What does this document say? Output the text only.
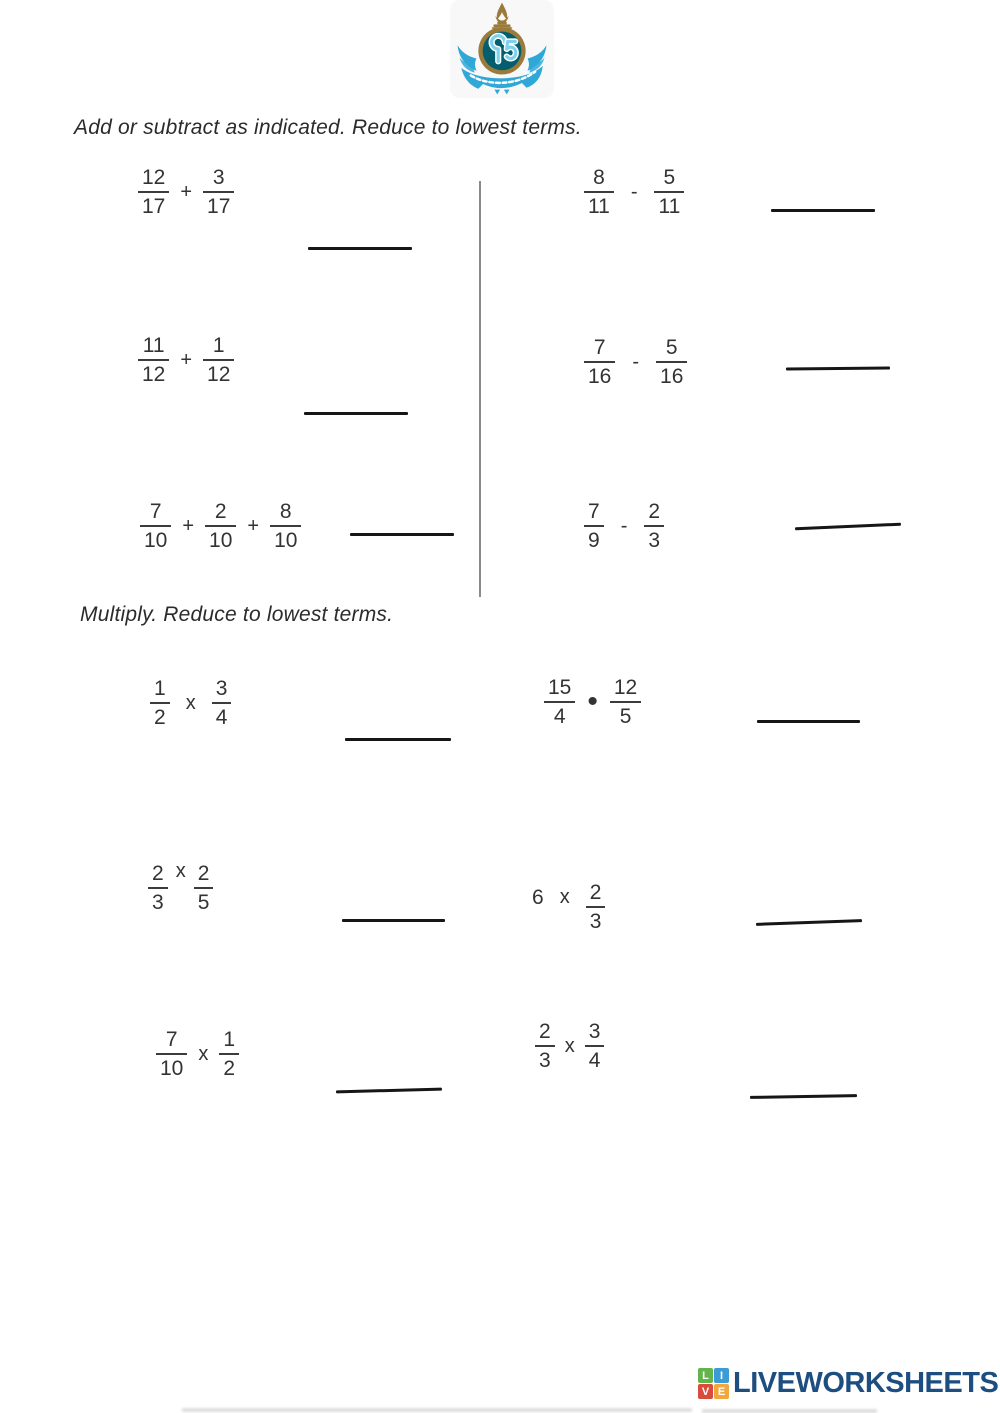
Add or subtract as indicated. Reduce to lowest terms.
Multiply. Reduce to lowest terms.
$\frac{12}{17} + \frac{3}{17}$	$\frac{8}{11} - \frac{5}{11}$
$\frac{11}{12} + \frac{1}{12}$	$\frac{7}{16} - \frac{5}{16}$
$\frac{7}{10} + \frac{2}{10} + \frac{8}{10}$	$\frac{7}{9} - \frac{2}{3}$
$\frac{1}{2}$ x $\frac{3}{4}$	$\frac{15}{4}$ • $\frac{12}{5}$
$\frac{2}{3}$ x $\frac{2}{5}$	6 x $\frac{2}{3}$
$\frac{7}{10}$ x $\frac{1}{2}$	$\frac{2}{3}$ x $\frac{3}{4}$
L	I
V E LIVEWORKSHEETS
